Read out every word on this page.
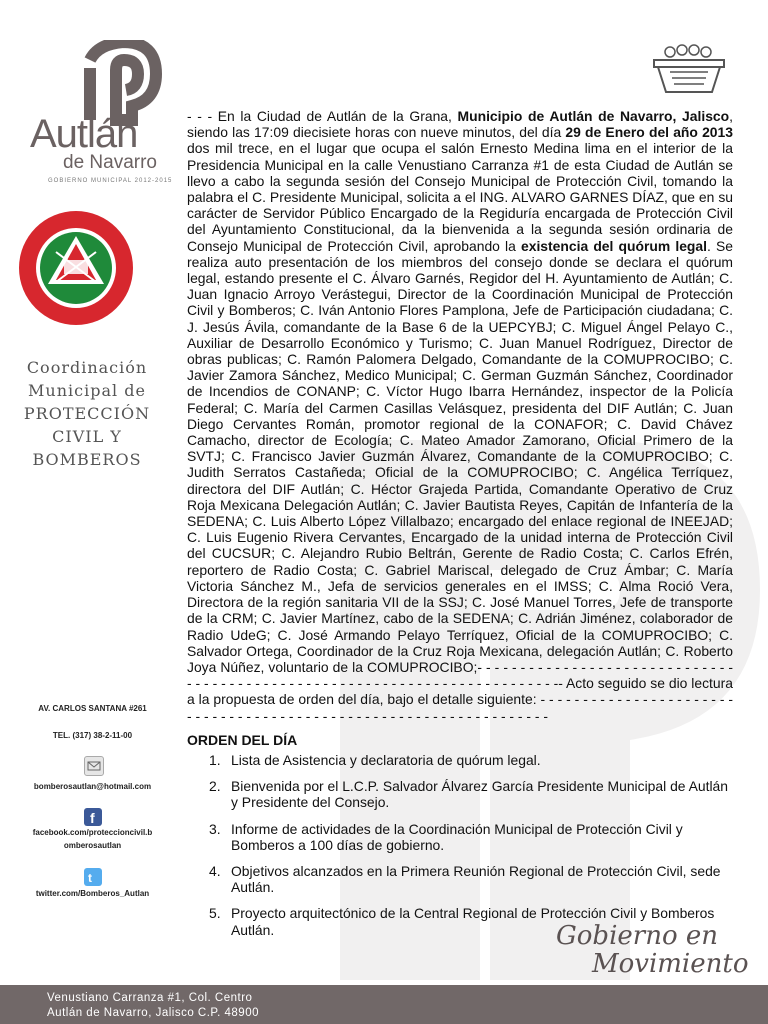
Autlán
de Navarro
GOBIERNO MUNICIPAL 2012-2015
Coordinación
Municipal de
PROTECCIÓN
CIVIL Y
BOMBEROS
AV. CARLOS SANTANA #261
TEL. (317) 38-2-11-00
bomberosautlan@hotmail.com
f
facebook.com/proteccioncivil.b
omberosautlan
t
twitter.com/Bomberos_Autlan

- - - En la Ciudad de Autlán de la Grana, Municipio de Autlán de Navarro, Jalisco, siendo las 17:09 diecisiete horas con nueve minutos, del día 29 de Enero del año 2013 dos mil trece, en el lugar que ocupa el salón Ernesto Medina lima en el interior de la Presidencia Municipal en la calle Venustiano Carranza #1 de esta Ciudad de Autlán se llevo a cabo la segunda sesión del Consejo Municipal de Protección Civil, tomando la palabra el C. Presidente Municipal, solicita a el ING. ALVARO GARNES DÍAZ, que en su carácter de Servidor Público Encargado de la Regiduría encargada de Protección Civil del Ayuntamiento Constitucional, da la bienvenida a la segunda sesión ordinaria de Consejo Municipal de Protección Civil, aprobando la existencia del quórum legal. Se realiza auto presentación de los miembros del consejo donde se declara el quórum legal, estando presente el C. Álvaro Garnés, Regidor del H. Ayuntamiento de Autlán; C. Juan Ignacio Arroyo Verástegui, Director de la Coordinación Municipal de Protección Civil y Bomberos; C. Iván Antonio Flores Pamplona, Jefe de Participación ciudadana; C. J. Jesús Ávila, comandante de la Base 6 de la UEPCYBJ; C. Miguel Ángel Pelayo C., Auxiliar de Desarrollo Económico y Turismo; C. Juan Manuel Rodríguez, Director de obras publicas; C. Ramón Palomera Delgado, Comandante de la COMUPROCIBO; C. Javier Zamora Sánchez, Medico Municipal; C. German Guzmán Sánchez, Coordinador de Incendios de CONANP; C. Víctor Hugo Ibarra Hernández, inspector de la Policía Federal; C. María del Carmen Casillas Velásquez, presidenta del DIF Autlán; C. Juan Diego Cervantes Román, promotor regional de la CONAFOR; C. David Chávez Camacho, director de Ecología; C. Mateo Amador Zamorano, Oficial Primero de la SVTJ; C. Francisco Javier Guzmán Álvarez, Comandante de la COMUPROCIBO; C. Judith Serratos Castañeda; Oficial de la COMUPROCIBO; C. Angélica Terríquez, directora del DIF Autlán; C. Héctor Grajeda Partida, Comandante Operativo de Cruz Roja Mexicana Delegación Autlán; C. Javier Bautista Reyes, Capitán de Infantería de la SEDENA; C. Luis Alberto López Villalbazo; encargado del enlace regional de INEEJAD; C. Luis Eugenio Rivera Cervantes, Encargado de la unidad interna de Protección Civil del CUCSUR; C. Alejandro Rubio Beltrán, Gerente de Radio Costa; C. Carlos Efrén, reportero de Radio Costa; C. Gabriel Mariscal, delegado de Cruz Ámbar; C. María Victoria Sánchez M., Jefa de servicios generales en el IMSS; C. Alma Roció Vera, Directora de la región sanitaria VII de la SSJ; C. José Manuel Torres, Jefe de transporte de la CRM; C. Javier Martínez, cabo de la SEDENA; C. Adrián Jiménez, colaborador de Radio UdeG; C. José Armando Pelayo Terríquez, Oficial de la COMUPROCIBO; C. Salvador Ortega, Coordinador de la Cruz Roja Mexicana, delegación Autlán; C. Roberto Joya Núñez, voluntario de la COMUPROCIBO;- - - - - - - - - - - - - - - - - - - - - - - - - - - - - - - - - - - - - - - - - - - - - - - - - - - - - - - - - - - - - - - - - - - - - - - - - -- Acto seguido se dio lectura a la propuesta de orden del día, bajo el detalle siguiente: - - - - - - - - - - - - - - - - - - - - - - - - - - - - - - - - - - - - - - - - - - - - - - - - - - - - - - - - - - - - - - - - - -

ORDEN DEL DÍA
1. Lista de Asistencia y declaratoria de quórum legal.
2. Bienvenida por el L.C.P. Salvador Álvarez García Presidente Municipal de Autlán y Presidente del Consejo.
3. Informe de actividades de la Coordinación Municipal de Protección Civil y Bomberos a 100 días de gobierno.
4. Objetivos alcanzados en la Primera Reunión Regional de Protección Civil, sede Autlán.
5. Proyecto arquitectónico de la Central Regional de Protección Civil y Bomberos Autlán.	Gobierno en
Movimiento
Venustiano Carranza #1, Col. Centro
Autlán de Navarro, Jalisco C.P. 48900
